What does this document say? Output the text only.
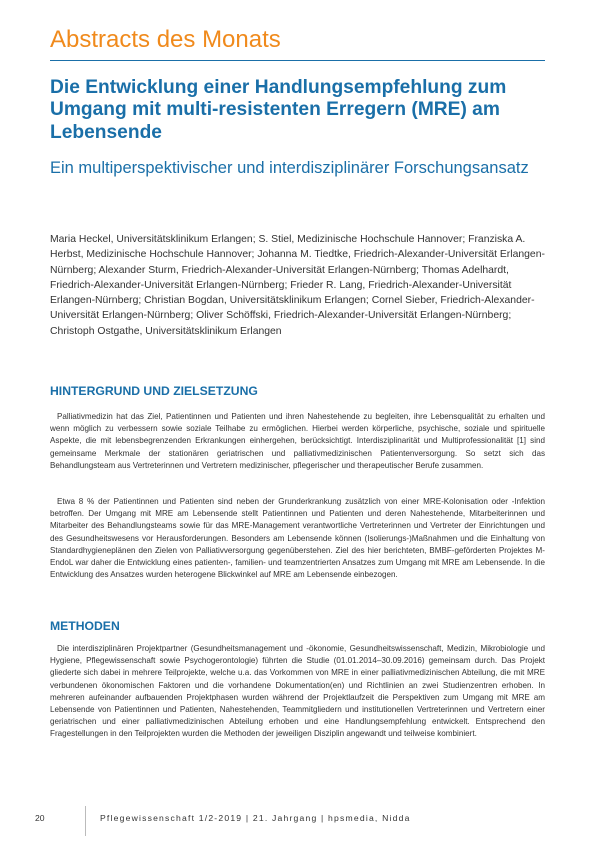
Abstracts des Monats
Die Entwicklung einer Handlungsempfehlung zum Umgang mit multi-resistenten Erregern (MRE) am Lebensende
Ein multiperspektivischer und interdisziplinärer Forschungsansatz

Maria Heckel, Universitätsklinikum Erlangen; S. Stiel, Medizinische Hochschule Hannover; Franziska A. Herbst, Medizinische Hochschule Hannover; Johanna M. Tiedtke, Friedrich-Alexander-Universität Erlangen-Nürnberg; Alexander Sturm, Friedrich-Alexander-Universität Erlangen-Nürnberg; Thomas Adelhardt, Friedrich-Alexander-Universität Erlangen-Nürnberg; Frieder R. Lang, Friedrich-Alexander-Universität Erlangen-Nürnberg; Christian Bogdan, Universitätsklinikum Erlangen; Cornel Sieber, Friedrich-Alexander-Universität Erlangen-Nürnberg; Oliver Schöffski, Friedrich-Alexander-Universität Erlangen-Nürnberg; Christoph Ostgathe, Universitätsklinikum Erlangen

HINTERGRUND UND ZIELSETZUNG

Palliativmedizin hat das Ziel, Patientinnen und Patienten und ihren Nahestehende zu begleiten, ihre Lebensqualität zu erhalten und wenn möglich zu verbessern sowie soziale Teilhabe zu ermöglichen. Hierbei werden körperliche, psychische, soziale und spirituelle Aspekte, die mit lebensbegrenzenden Erkrankungen einhergehen, berücksichtigt. Interdisziplinarität und Multiprofessionalität [1] sind gemeinsame Merkmale der stationären geriatrischen und palliativmedizinischen Patientenversorgung. So setzt sich das Behandlungsteam aus Vertreterinnen und Vertretern medizinischer, pflegerischer und therapeutischer Berufe zusammen.

Etwa 8 % der Patientinnen und Patienten sind neben der Grunderkrankung zusätzlich von einer MRE-Kolonisation oder -Infektion betroffen. Der Umgang mit MRE am Lebensende stellt Patientinnen und Patienten und deren Nahestehende, Mitarbeiterinnen und Mitarbeiter des Behandlungsteams sowie für das MRE-Management verantwortliche Vertreterinnen und Vertreter der Einrichtungen und des Gesundheitswesens vor Herausforderungen. Besonders am Lebensende können (Isolierungs-)Maßnahmen und die Einhaltung von Standardhygieneplänen den Zielen von Palliativversorgung gegenüberstehen. Ziel des hier berichteten, BMBF-geförderten Projektes M-EndoL war daher die Entwicklung eines patienten-, familien- und teamzentrierten Ansatzes zum Umgang mit MRE am Lebensende. In die Entwicklung des Ansatzes wurden heterogene Blickwinkel auf MRE am Lebensende einbezogen.

METHODEN

Die interdisziplinären Projektpartner (Gesundheitsmanagement und -ökonomie, Gesundheitswissenschaft, Medizin, Mikrobiologie und Hygiene, Pflegewissenschaft sowie Psychogerontologie) führten die Studie (01.01.2014–30.09.2016) gemeinsam durch. Das Projekt gliederte sich dabei in mehrere Teilprojekte, welche u.a. das Vorkommen von MRE in einer palliativmedizinischen Abteilung, die mit MRE verbundenen ökonomischen Faktoren und die vorhandene Dokumentation(en) und Richtlinien an zwei Studienzentren erhoben. In mehreren aufeinander aufbauenden Projektphasen wurden während der Projektlaufzeit die Perspektiven zum Umgang mit MRE am Lebensende von Patientinnen und Patienten, Nahestehenden, Teammitgliedern und institutionellen Vertreterinnen und Vertretern einer geriatrischen und einer palliativmedizinischen Abteilung erhoben und eine Handlungsempfehlung entwickelt. Entsprechend den Fragestellungen in den Teilprojekten wurden die Methoden der jeweiligen Disziplin angewandt und teilweise kombiniert.

20	Pflegewissenschaft 1/2-2019 | 21. Jahrgang | hpsmedia, Nidda
